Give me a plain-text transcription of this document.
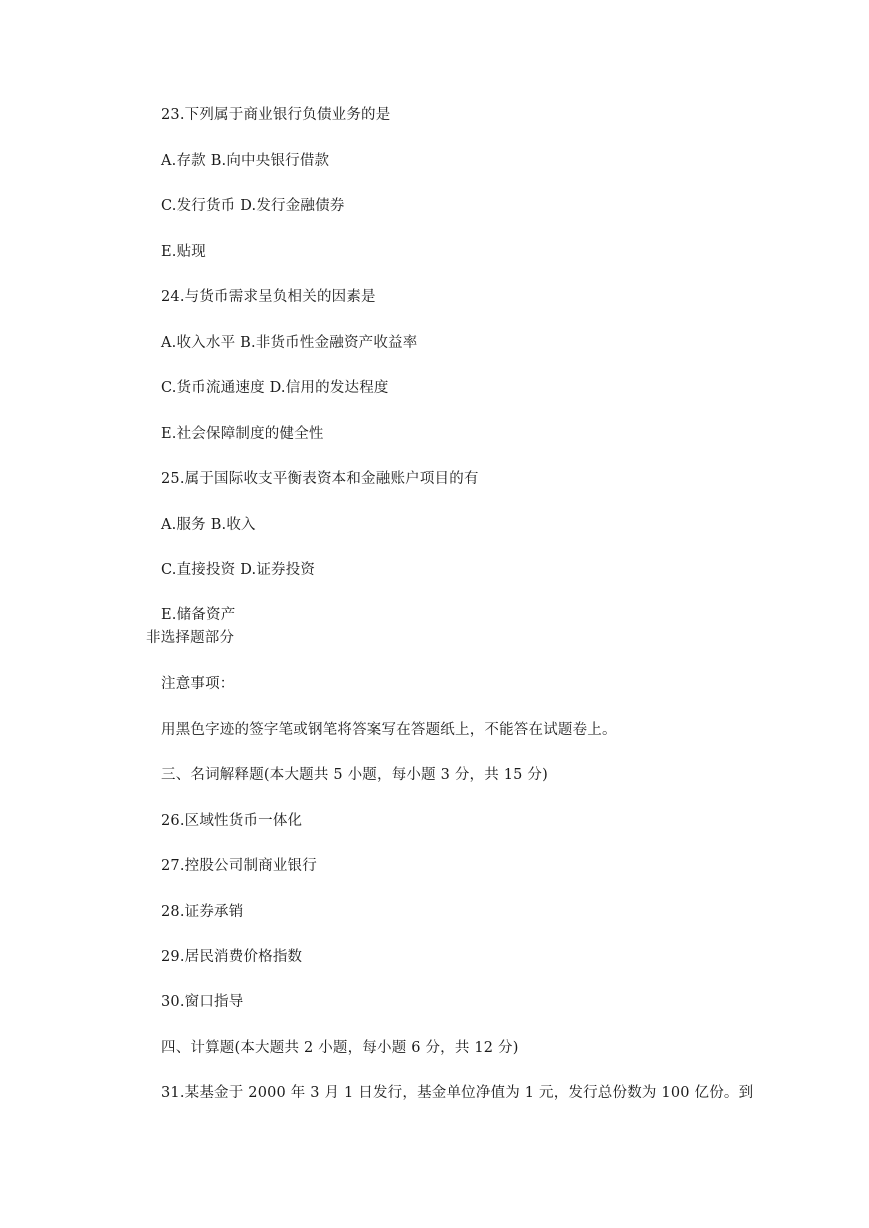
23.下列属于商业银行负债业务的是
A.存款 B.向中央银行借款
C.发行货币 D.发行金融债券
E.贴现
24.与货币需求呈负相关的因素是
A.收入水平 B.非货币性金融资产收益率
C.货币流通速度 D.信用的发达程度
E.社会保障制度的健全性
25.属于国际收支平衡表资本和金融账户项目的有
A.服务 B.收入
C.直接投资 D.证券投资
E.储备资产
非选择题部分
注意事项：
用黑色字迹的签字笔或钢笔将答案写在答题纸上，不能答在试题卷上。
三、名词解释题(本大题共 5 小题，每小题 3 分，共 15 分)
26.区域性货币一体化
27.控股公司制商业银行
28.证券承销
29.居民消费价格指数
30.窗口指导
四、计算题(本大题共 2 小题，每小题 6 分，共 12 分)
31.某基金于 2000 年 3 月 1 日发行，基金单位净值为 1 元，发行总份数为 100 亿份。到
